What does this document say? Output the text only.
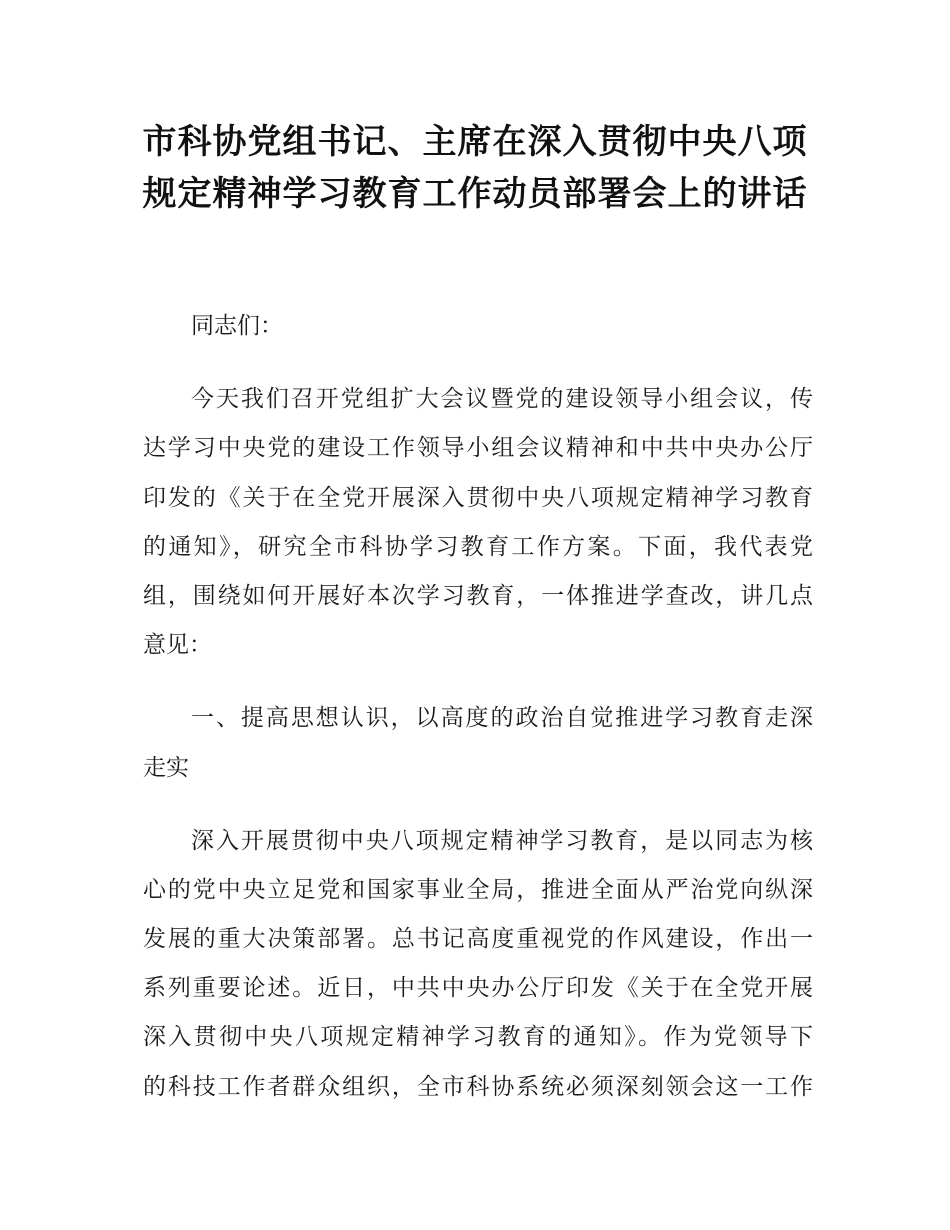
市科协党组书记、主席在深入贯彻中央八项
规定精神学习教育工作动员部署会上的讲话
同志们：
今天我们召开党组扩大会议暨党的建设领导小组会议，传
达学习中央党的建设工作领导小组会议精神和中共中央办公厅
印发的《关于在全党开展深入贯彻中央八项规定精神学习教育
的通知》，研究全市科协学习教育工作方案。下面，我代表党
组，围绕如何开展好本次学习教育，一体推进学查改，讲几点
意见：
一、提高思想认识，以高度的政治自觉推进学习教育走深
走实
深入开展贯彻中央八项规定精神学习教育，是以同志为核
心的党中央立足党和国家事业全局，推进全面从严治党向纵深
发展的重大决策部署。总书记高度重视党的作风建设，作出一
系列重要论述。近日，中共中央办公厅印发《关于在全党开展
深入贯彻中央八项规定精神学习教育的通知》。作为党领导下
的科技工作者群众组织，全市科协系统必须深刻领会这一工作
